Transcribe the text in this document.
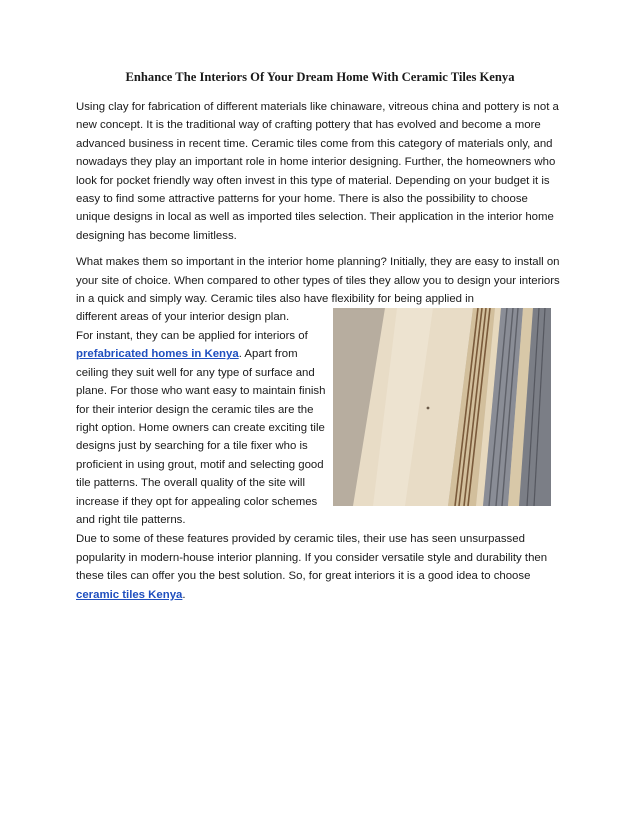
Enhance The Interiors Of Your Dream Home With Ceramic Tiles Kenya

Using clay for fabrication of different materials like chinaware, vitreous china and pottery is not a new concept. It is the traditional way of crafting pottery that has evolved and become a more advanced business in recent time. Ceramic tiles come from this category of materials only, and nowadays they play an important role in home interior designing. Further, the homeowners who look for pocket friendly way often invest in this type of material. Depending on your budget it is easy to find some attractive patterns for your home. There is also the possibility to choose unique designs in local as well as imported tiles selection. Their application in the interior home designing has become limitless.

What makes them so important in the interior home planning? Initially, they are easy to install on your site of choice. When compared to other types of tiles they allow you to design your interiors in a quick and simply way. Ceramic tiles also have flexibility for being applied in

different areas of your interior design plan.
For instant, they can be applied for interiors of prefabricated homes in Kenya. Apart from ceiling they suit well for any type of surface and plane. For those who want easy to maintain finish for their interior design the ceramic tiles are the right option. Home owners can create exciting tile designs just by searching for a tile fixer who is proficient in using grout, motif and selecting good tile patterns. The overall quality of the site will increase if they opt for appealing color schemes and right tile patterns.

Due to some of these features provided by ceramic tiles, their use has seen unsurpassed popularity in modern-house interior planning. If you consider versatile style and durability then these tiles can offer you the best solution. So, for great interiors it is a good idea to choose ceramic tiles Kenya.
